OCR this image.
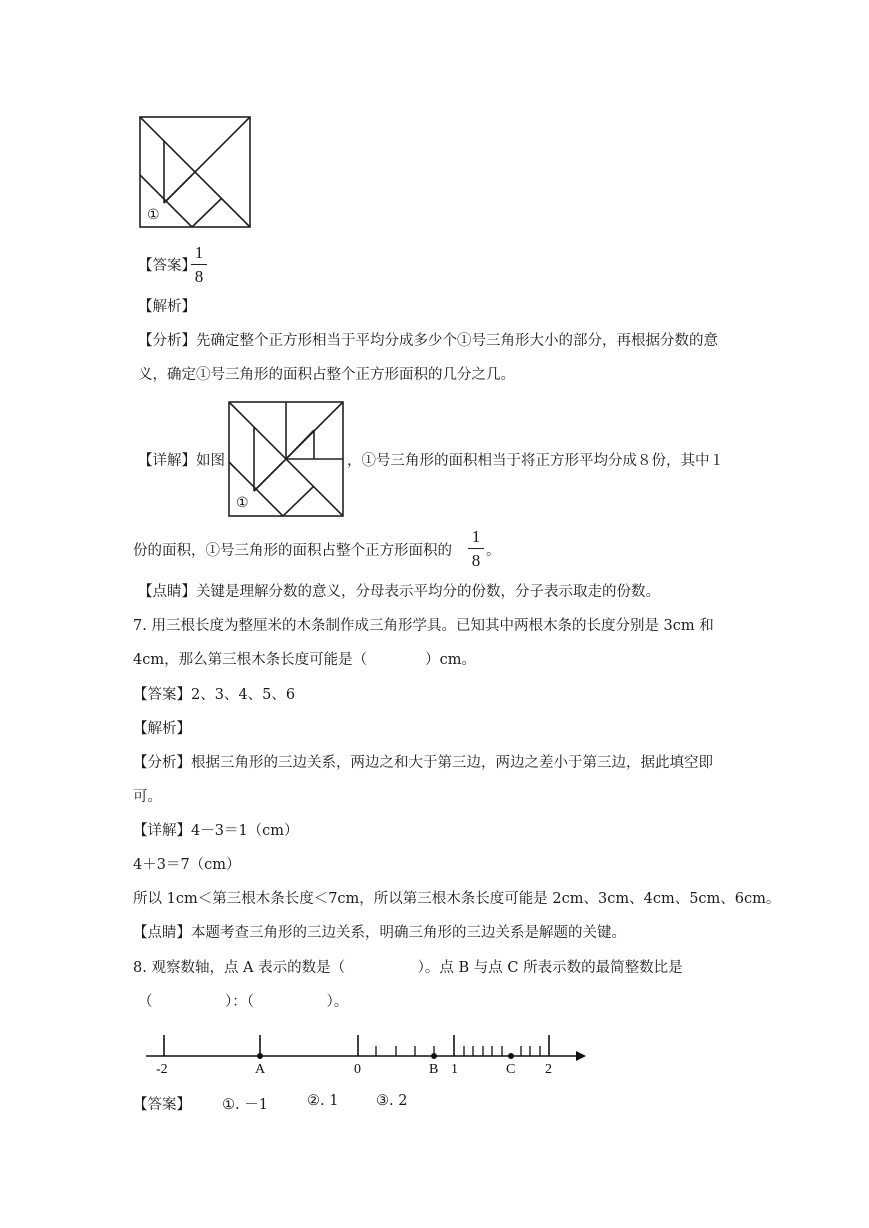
①
【答案】
1
8
【解析】
【分析】先确定整个正方形相当于平均分成多少个①号三角形大小的部分，再根据分数的意
义，确定①号三角形的面积占整个正方形面积的几分之几。
【详解】如图
①
，①号三角形的面积相当于将正方形平均分成８份，其中１
份的面积，①号三角形的面积占整个正方形面积的
1
8 。
【点睛】关键是理解分数的意义，分母表示平均分的份数，分子表示取走的份数。
7. 用三根长度为整厘米的木条制作成三角形学具。已知其中两根木条的长度分别是 3cm 和
4cm，那么第三根木条长度可能是（　　　　）cm。
【答案】2、3、4、5、6
【解析】
【分析】根据三角形的三边关系，两边之和大于第三边，两边之差小于第三边，据此填空即
可。
【详解】4－3＝1（cm）
4＋3＝7（cm）
所以 1cm＜第三根木条长度＜7cm，所以第三根木条长度可能是 2cm、3cm、4cm、5cm、6cm。
【点睛】本题考查三角形的三边关系，明确三角形的三边关系是解题的关键。
8. 观察数轴，点 A 表示的数是（　　　　　）。点 B 与点 C 所表示数的最简整数比是
（　　　　　）：（　　　　　）。
-2	A	0	B 1	C 2
【答案】 ①. －1	②. 1	③. 2
